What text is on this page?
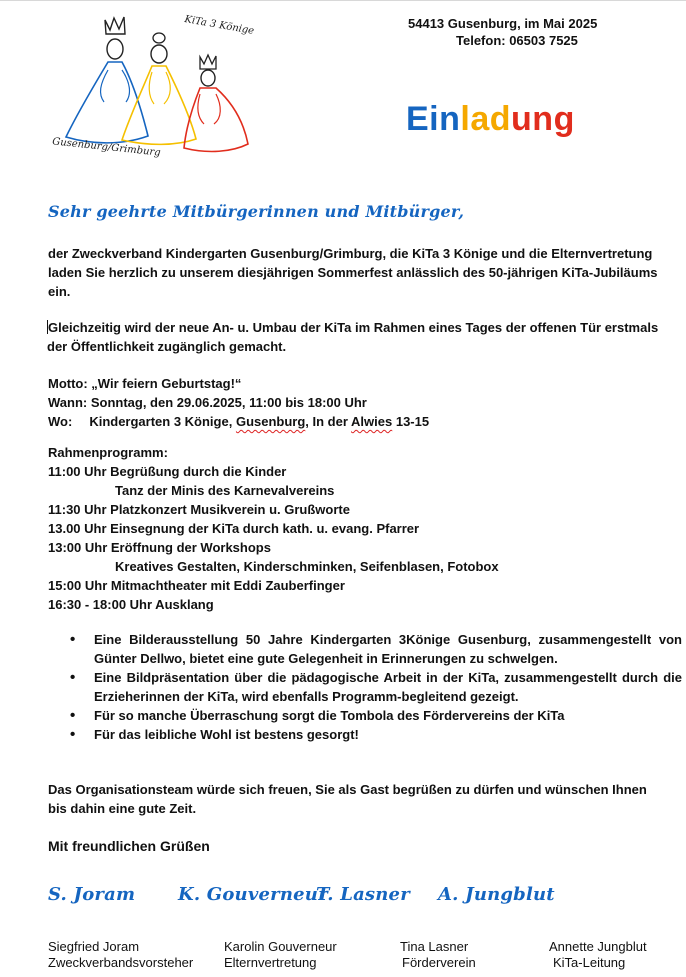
KiTa 3 Könige
Gusenburg/Grimburg
54413 Gusenburg, im Mai 2025
Telefon: 06503 7525
Einladung
Sehr geehrte Mitbürgerinnen und Mitbürger,
der Zweckverband Kindergarten Gusenburg/Grimburg, die KiTa 3 Könige und die Elternvertretung laden Sie herzlich zu unserem diesjährigen Sommerfest anlässlich des 50-jährigen KiTa-Jubiläums ein.
Gleichzeitig wird der neue An- u. Umbau der KiTa im Rahmen eines Tages der offenen Tür erstmals der Öffentlichkeit zugänglich gemacht.
Motto: „Wir feiern Geburtstag!“
Wann: Sonntag, den 29.06.2025, 11:00 bis 18:00 Uhr
Wo: Kindergarten 3 Könige, Gusenburg, In der Alwies 13-15
Rahmenprogramm:
11:00 Uhr Begrüßung durch die Kinder
Tanz der Minis des Karnevalvereins
11:30 Uhr Platzkonzert Musikverein u. Grußworte
13.00 Uhr Einsegnung der KiTa durch kath. u. evang. Pfarrer
13:00 Uhr Eröffnung der Workshops
Kreatives Gestalten, Kinderschminken, Seifenblasen, Fotobox
15:00 Uhr Mitmachtheater mit Eddi Zauberfinger
16:30 - 18:00 Uhr Ausklang
• Eine Bilderausstellung 50 Jahre Kindergarten 3Könige Gusenburg, zusammengestellt von Günter Dellwo, bietet eine gute Gelegenheit in Erinnerungen zu schwelgen.
• Eine Bildpräsentation über die pädagogische Arbeit in der KiTa, zusammengestellt durch die Erzieherinnen der KiTa, wird ebenfalls Programm-begleitend gezeigt.
• Für so manche Überraschung sorgt die Tombola des Fördervereins der KiTa
• Für das leibliche Wohl ist bestens gesorgt!
Das Organisationsteam würde sich freuen, Sie als Gast begrüßen zu dürfen und wünschen Ihnen bis dahin eine gute Zeit.
Mit freundlichen Grüßen
S. Joram K. Gouverneur
T. Lasner A. Jungblut
Siegfried Joram
Zweckverbandsvorsteher
Karolin Gouverneur
Elternvertretung
Tina Lasner
Förderverein
Annette Jungblut
KiTa-Leitung
